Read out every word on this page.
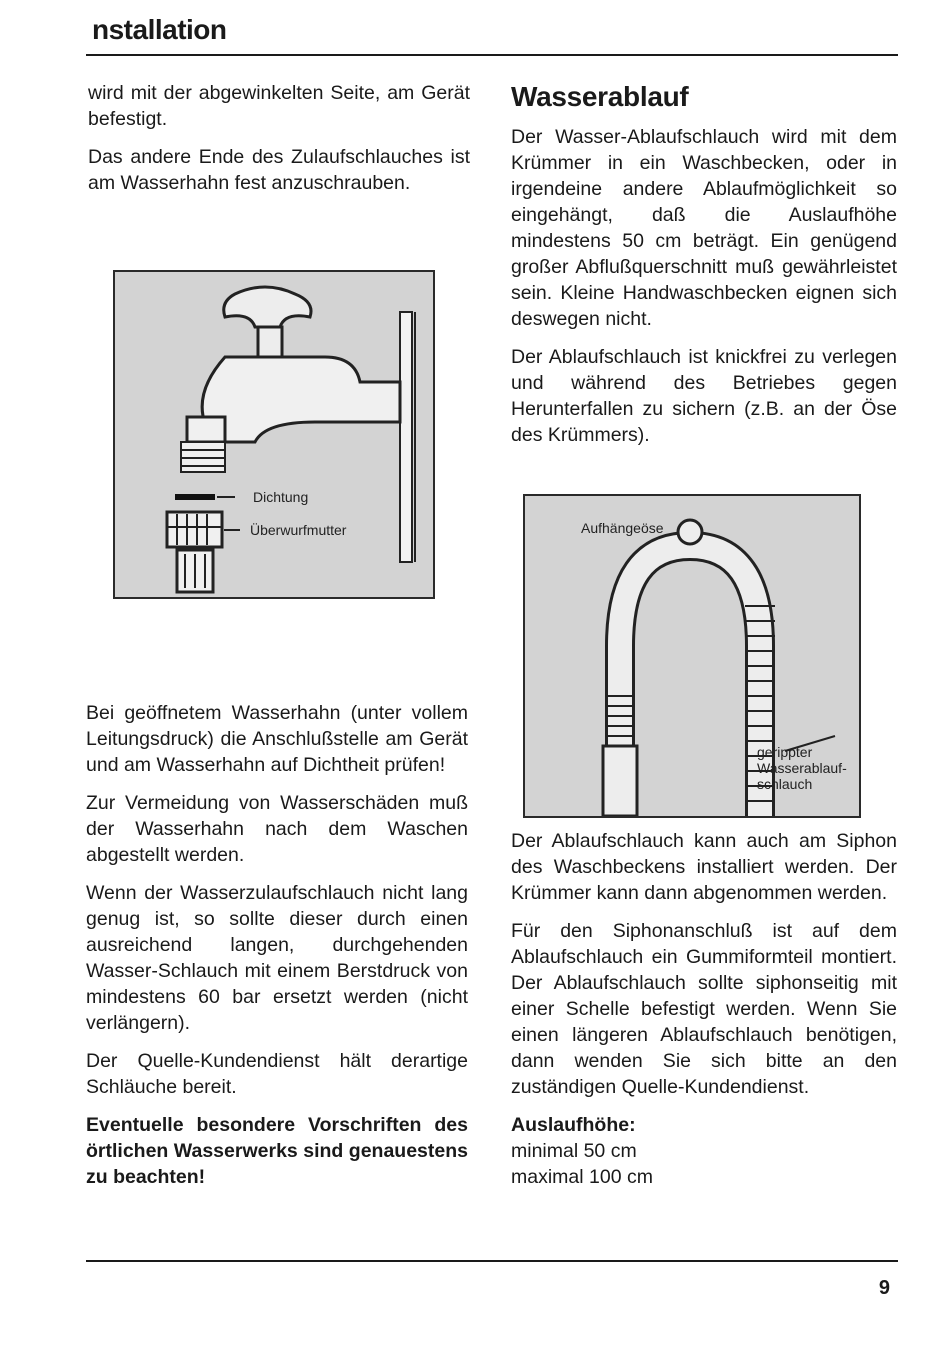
nstallation

wird mit der abgewinkelten Seite, am Gerät befestigt.

Das andere Ende des Zulaufschlauches ist am Wasserhahn fest anzuschrauben.

Dichtung
Überwurfmutter

Bei geöffnetem Wasserhahn (unter vollem Leitungsdruck) die Anschlußstelle am Gerät und am Wasserhahn auf Dichtheit prüfen!

Zur Vermeidung von Wasserschäden muß der Wasserhahn nach dem Waschen abgestellt werden.

Wenn der Wasserzulaufschlauch nicht lang genug ist, so sollte dieser durch einen ausreichend langen, durchgehenden Wasser-Schlauch mit einem Berstdruck von mindestens 60 bar ersetzt werden (nicht verlängern).

Der Quelle-Kundendienst hält derartige Schläuche bereit.

Eventuelle besondere Vorschriften des örtlichen Wasserwerks sind genauestens zu beachten!

Wasserablauf

Der Wasser-Ablaufschlauch wird mit dem Krümmer in ein Waschbecken, oder in irgendeine andere Ablaufmöglichkeit so eingehängt, daß die Auslaufhöhe mindestens 50 cm beträgt. Ein genügend großer Abflußquerschnitt muß gewährleistet sein. Kleine Handwaschbecken eignen sich deswegen nicht.

Der Ablaufschlauch ist knickfrei zu verlegen und während des Betriebes gegen Herunterfallen zu sichern (z.B. an der Öse des Krümmers).

Aufhängeöse
gerippter
Wasserablauf-
schlauch

Der Ablaufschlauch kann auch am Siphon des Waschbeckens installiert werden. Der Krümmer kann dann abgenommen werden.

Für den Siphonanschluß ist auf dem Ablaufschlauch ein Gummiformteil montiert. Der Ablaufschlauch sollte siphonseitig mit einer Schelle befestigt werden. Wenn Sie einen längeren Ablaufschlauch benötigen, dann wenden Sie sich bitte an den zuständigen Quelle-Kundendienst.

Auslaufhöhe:
minimal 50 cm
maximal 100 cm
9
